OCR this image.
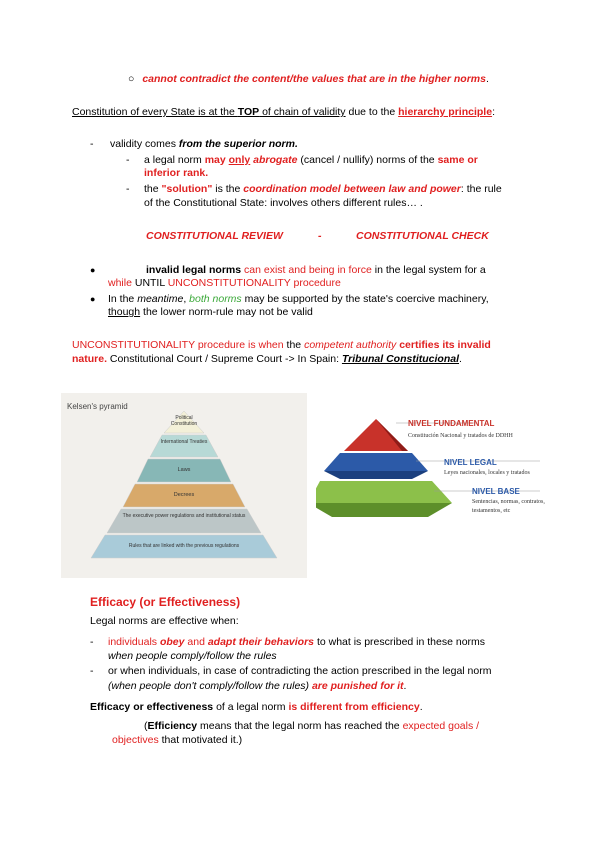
○ cannot contradict the content/the values that are in the higher norms.
Constitution of every State is at the TOP of chain of validity due to the hierarchy principle:
- validity comes from the superior norm.
- a legal norm may only abrogate (cancel / nullify) norms of the same or
inferior rank.
- the "solution" is the coordination model between law and power: the rule
of the Constitutional State: involves others different rules… .
CONSTITUTIONAL REVIEW	-	CONSTITUTIONAL CHECK
●	invalid legal norms can exist and being in force in the legal system for a
while UNTIL UNCONSTITUTIONALITY procedure
● In the meantime, both norms may be supported by the state's coercive machinery,
though the lower norm-rule may not be valid
UNCONSTITUTIONALITY procedure is when the competent authority certifies its invalid
nature. Constitutional Court / Supreme Court -> In Spain: Tribunal Constitucional.
Kelsen's pyramid
Political Constitution
International Treaties
Laws
Decrees
The executive power regulations and institutional status
Rules that are linked with the previous regulations
NIVEL FUNDAMENTAL
Constitución Nacional y tratados de DDHH
NIVEL LEGAL
Leyes nacionales, locales y tratados
NIVEL BASE
Sentencias, normas, contratos,
testamentos, etc
Efficacy (or Effectiveness)
Legal norms are effective when:
- individuals obey and adapt their behaviors to what is prescribed in these norms
when people comply/follow the rules
- or when individuals, in case of contradicting the action prescribed in the legal norm
(when people don't comply/follow the rules) are punished for it.
Efficacy or effectiveness of a legal norm is different from efficiency.
(Efficiency means that the legal norm has reached the expected goals /
objectives that motivated it.)
